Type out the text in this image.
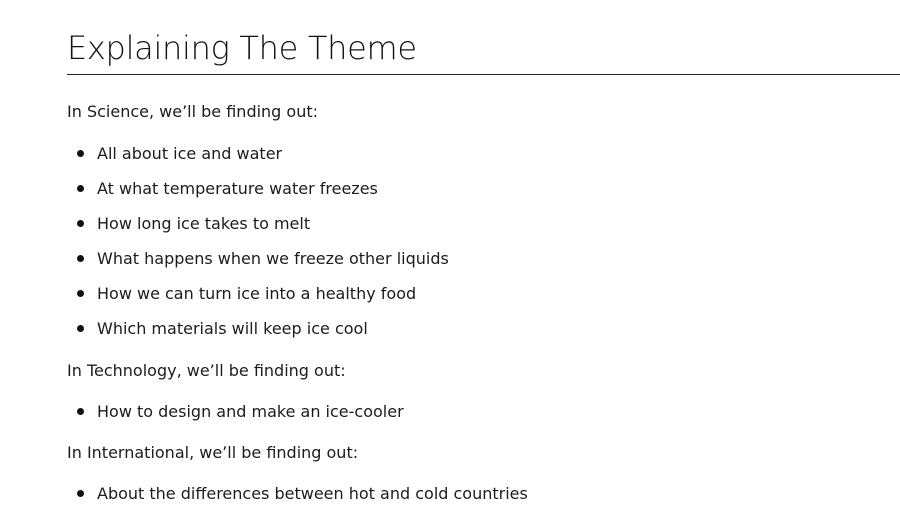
Explaining The Theme

In Science, we’ll be finding out:

All about ice and water
At what temperature water freezes
How long ice takes to melt
What happens when we freeze other liquids
How we can turn ice into a healthy food
Which materials will keep ice cool

In Technology, we’ll be finding out:

How to design and make an ice-cooler

In International, we’ll be finding out:

About the differences between hot and cold countries
